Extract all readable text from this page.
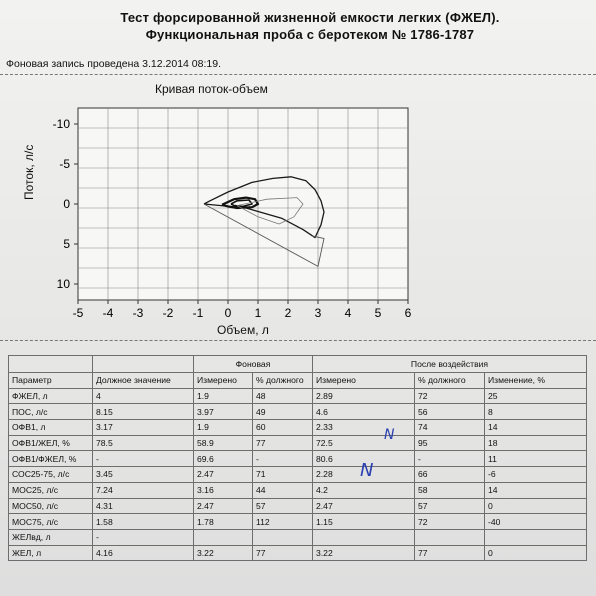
Тест форсированной жизненной емкости легких (ФЖЕЛ).
Функциональная проба с беротеком № 1786-1787
Фоновая запись проведена 3.12.2014 08:19.
Кривая поток-объем
-5 -4 -3 -2 -1 0 1 2 3 4 5 6
-10
-5
0
5
10
Поток, л/с
Объем, л
		Фоновая		После воздействия		
Параметр	Должное значение	Измерено	% должного	Измерено	% должного	Изменение, %
ФЖЕЛ, л	4	1.9	48	2.89	72	25
ПОС, л/с	8.15	3.97	49	4.6	56	8
ОФВ1, л	3.17	1.9	60	2.33	74	14
ОФВ1/ЖЕЛ, %	78.5	58.9	77	72.5	95	18
ОФВ1/ФЖЕЛ, %	-	69.6	-	80.6	-	11
СОС25-75, л/с	3.45	2.47	71	2.28	66	-6
МОС25, л/с	7.24	3.16	44	4.2	58	14
МОС50, л/с	4.31	2.47	57	2.47	57	0
МОС75, л/с	1.58	1.78	112	1.15	72	-40
ЖЕЛвд, л	-					
ЖЕЛ, л	4.16	3.22	77	3.22	77	0
N
N
